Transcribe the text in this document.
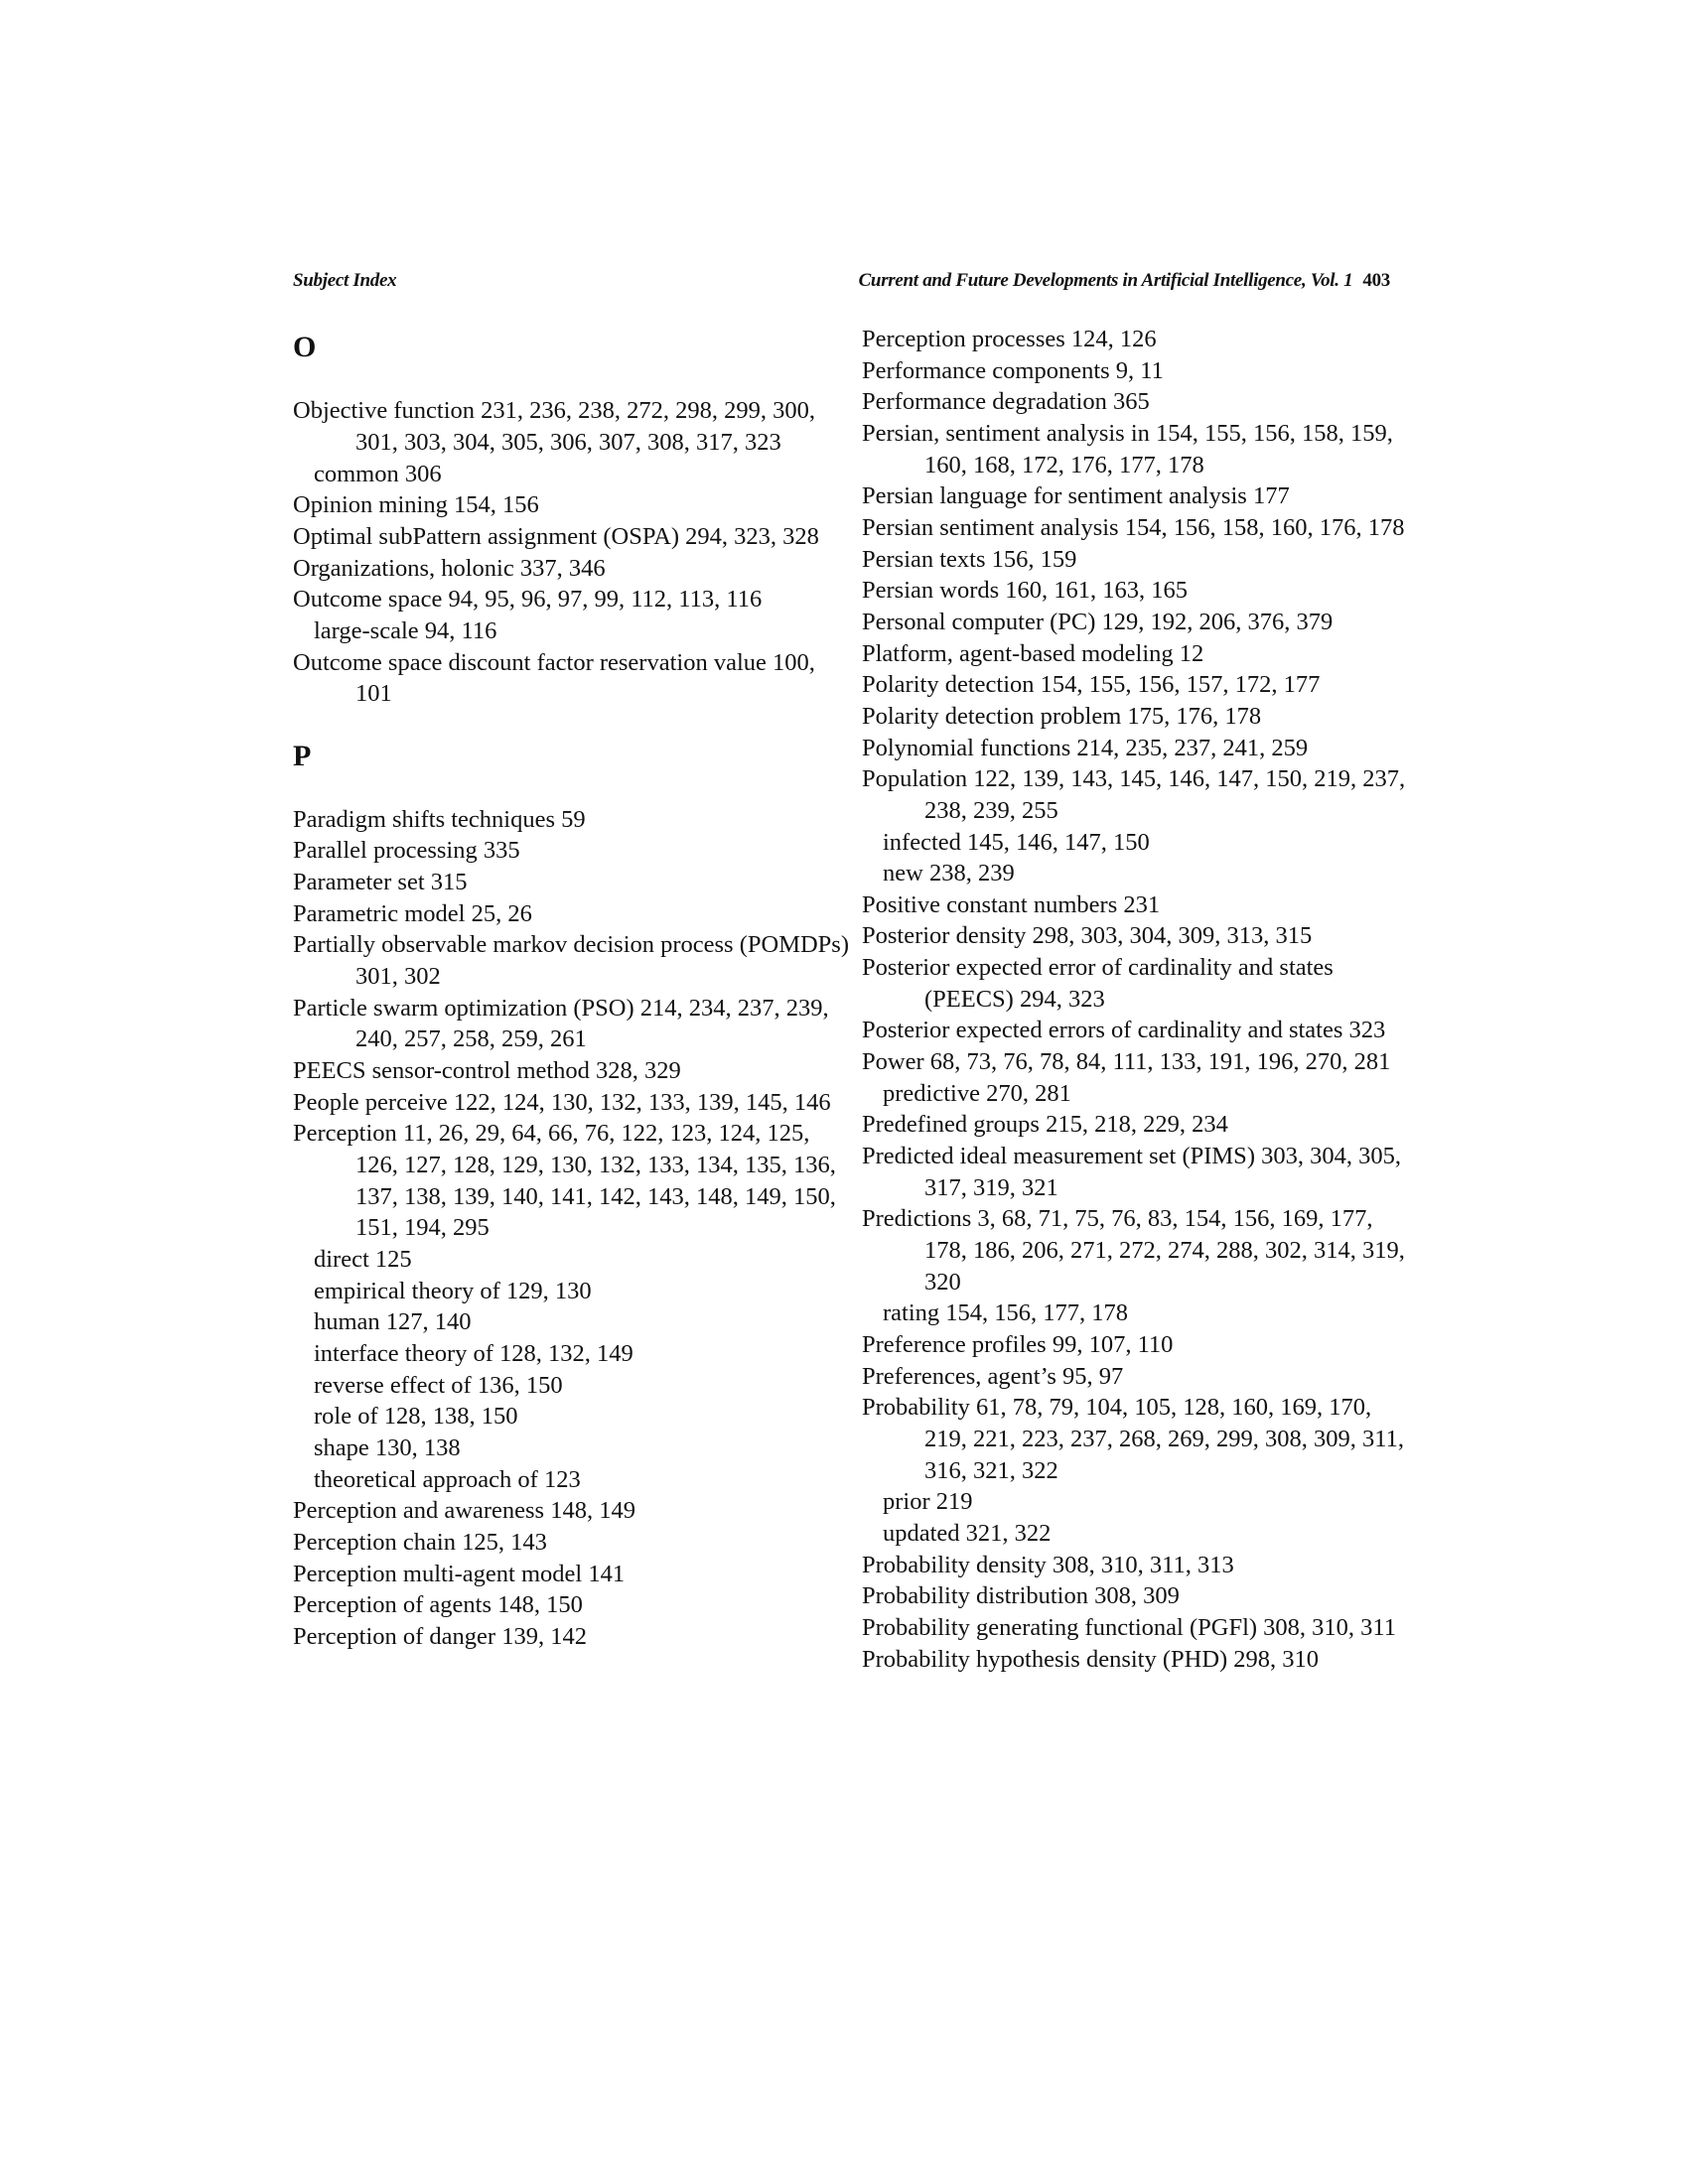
Subject Index	Current and Future Developments in Artificial Intelligence, Vol. 1 403
O
Objective function 231, 236, 238, 272, 298, 299, 300, 301, 303, 304, 305, 306, 307, 308, 317, 323
common 306
Opinion mining 154, 156
Optimal subPattern assignment (OSPA) 294, 323, 328
Organizations, holonic 337, 346
Outcome space 94, 95, 96, 97, 99, 112, 113, 116
large-scale 94, 116
Outcome space discount factor reservation value 100, 101
P
Paradigm shifts techniques 59
Parallel processing 335
Parameter set 315
Parametric model 25, 26
Partially observable markov decision process (POMDPs) 301, 302
Particle swarm optimization (PSO) 214, 234, 237, 239, 240, 257, 258, 259, 261
PEECS sensor-control method 328, 329
People perceive 122, 124, 130, 132, 133, 139, 145, 146
Perception 11, 26, 29, 64, 66, 76, 122, 123, 124, 125, 126, 127, 128, 129, 130, 132, 133, 134, 135, 136, 137, 138, 139, 140, 141, 142, 143, 148, 149, 150, 151, 194, 295
direct 125
empirical theory of 129, 130
human 127, 140
interface theory of 128, 132, 149
reverse effect of 136, 150
role of 128, 138, 150
shape 130, 138
theoretical approach of 123
Perception and awareness 148, 149
Perception chain 125, 143
Perception multi-agent model 141
Perception of agents 148, 150
Perception of danger 139, 142
Perception processes 124, 126
Performance components 9, 11
Performance degradation 365
Persian, sentiment analysis in 154, 155, 156, 158, 159, 160, 168, 172, 176, 177, 178
Persian language for sentiment analysis 177
Persian sentiment analysis 154, 156, 158, 160, 176, 178
Persian texts 156, 159
Persian words 160, 161, 163, 165
Personal computer (PC) 129, 192, 206, 376, 379
Platform, agent-based modeling 12
Polarity detection 154, 155, 156, 157, 172, 177
Polarity detection problem 175, 176, 178
Polynomial functions 214, 235, 237, 241, 259
Population 122, 139, 143, 145, 146, 147, 150, 219, 237, 238, 239, 255
infected 145, 146, 147, 150
new 238, 239
Positive constant numbers 231
Posterior density 298, 303, 304, 309, 313, 315
Posterior expected error of cardinality and states (PEECS) 294, 323
Posterior expected errors of cardinality and states 323
Power 68, 73, 76, 78, 84, 111, 133, 191, 196, 270, 281
predictive 270, 281
Predefined groups 215, 218, 229, 234
Predicted ideal measurement set (PIMS) 303, 304, 305, 317, 319, 321
Predictions 3, 68, 71, 75, 76, 83, 154, 156, 169, 177, 178, 186, 206, 271, 272, 274, 288, 302, 314, 319, 320
rating 154, 156, 177, 178
Preference profiles 99, 107, 110
Preferences, agent’s 95, 97
Probability 61, 78, 79, 104, 105, 128, 160, 169, 170, 219, 221, 223, 237, 268, 269, 299, 308, 309, 311, 316, 321, 322
prior 219
updated 321, 322
Probability density 308, 310, 311, 313
Probability distribution 308, 309
Probability generating functional (PGFl) 308, 310, 311
Probability hypothesis density (PHD) 298, 310
